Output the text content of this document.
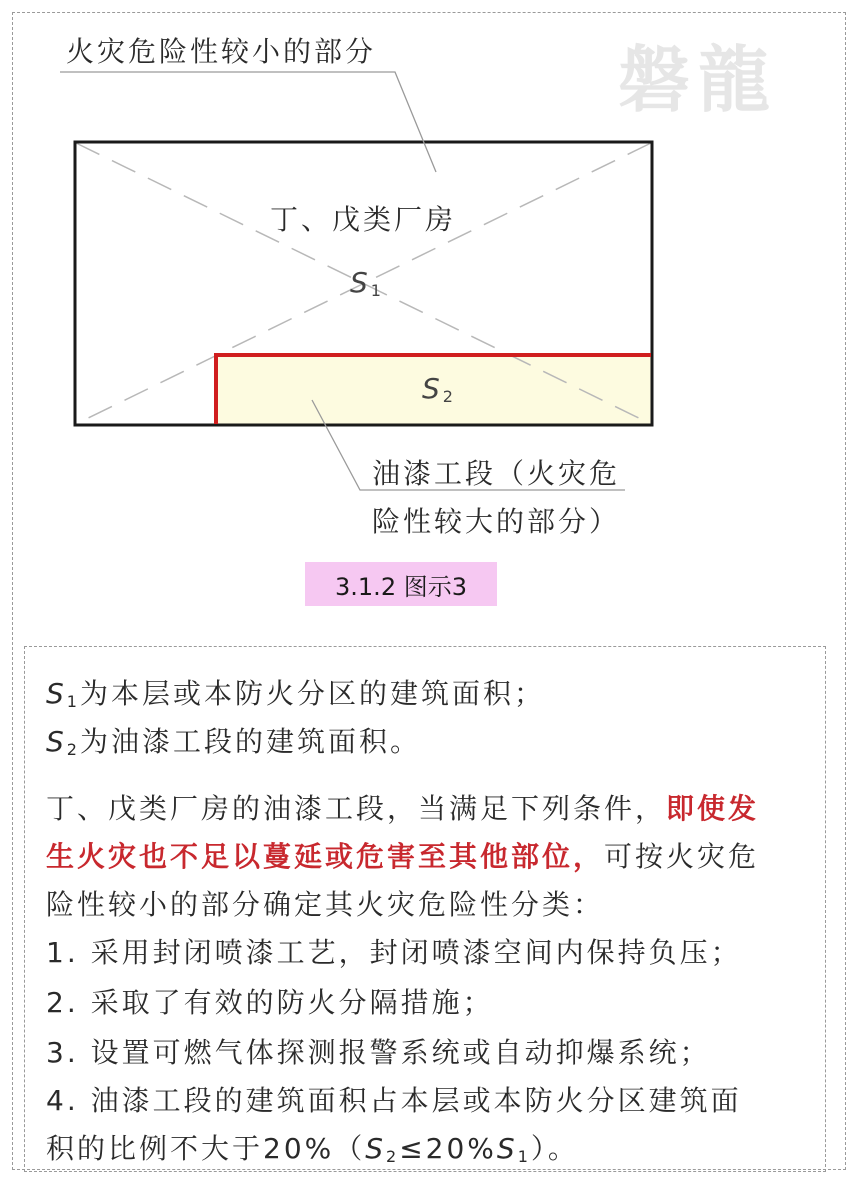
磐龍
火灾危险性较小的部分
丁、戊类厂房
$S_1$
$S_2$
油漆工段（火灾危
险性较大的部分）
3.1.2 图示3
$S_1$为本层或本防火分区的建筑面积；
$S_2$为油漆工段的建筑面积。
丁、戊类厂房的油漆工段，当满足下列条件，即使发
生火灾也不足以蔓延或危害至其他部位，可按火灾危
险性较小的部分确定其火灾危险性分类：
1. 采用封闭喷漆工艺，封闭喷漆空间内保持负压；
2. 采取了有效的防火分隔措施；
3. 设置可燃气体探测报警系统或自动抑爆系统；
4. 油漆工段的建筑面积占本层或本防火分区建筑面
积的比例不大于$20\%(S_2\le 20\%S_1)$。
